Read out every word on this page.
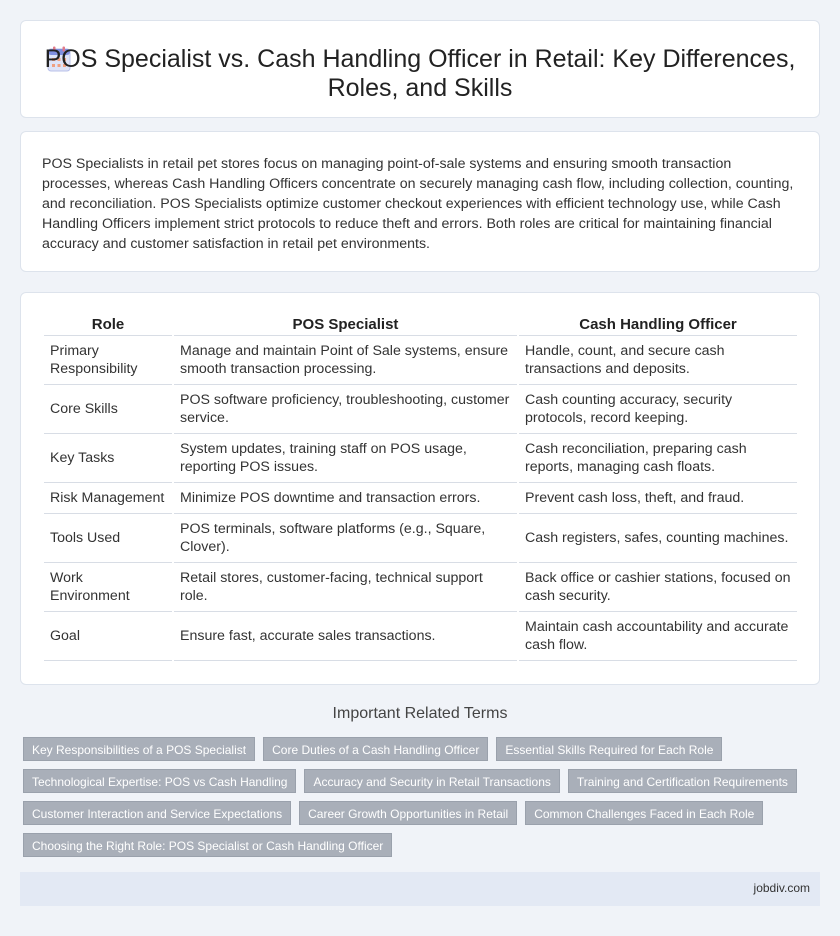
POS Specialist vs. Cash Handling Officer in Retail: Key Differences, Roles, and Skills

POS Specialists in retail pet stores focus on managing point-of-sale systems and ensuring smooth transaction processes, whereas Cash Handling Officers concentrate on securely managing cash flow, including collection, counting, and reconciliation. POS Specialists optimize customer checkout experiences with efficient technology use, while Cash Handling Officers implement strict protocols to reduce theft and errors. Both roles are critical for maintaining financial accuracy and customer satisfaction in retail pet environments.

Role	POS Specialist	Cash Handling Officer
Primary Responsibility	Manage and maintain Point of Sale systems, ensure smooth transaction processing.	Handle, count, and secure cash transactions and deposits.
Core Skills	POS software proficiency, troubleshooting, customer service.	Cash counting accuracy, security protocols, record keeping.
Key Tasks	System updates, training staff on POS usage, reporting POS issues.	Cash reconciliation, preparing cash reports, managing cash floats.
Risk Management	Minimize POS downtime and transaction errors.	Prevent cash loss, theft, and fraud.
Tools Used	POS terminals, software platforms (e.g., Square, Clover).	Cash registers, safes, counting machines.
Work Environment	Retail stores, customer-facing, technical support role.	Back office or cashier stations, focused on cash security.
Goal	Ensure fast, accurate sales transactions.	Maintain cash accountability and accurate cash flow.
Important Related Terms
Key Responsibilities of a POS Specialist	Core Duties of a Cash Handling Officer	Essential Skills Required for Each Role
Technological Expertise: POS vs Cash Handling	Accuracy and Security in Retail Transactions	Training and Certification Requirements
Customer Interaction and Service Expectations	Career Growth Opportunities in Retail	Common Challenges Faced in Each Role
Choosing the Right Role: POS Specialist or Cash Handling Officer
jobdiv.com
